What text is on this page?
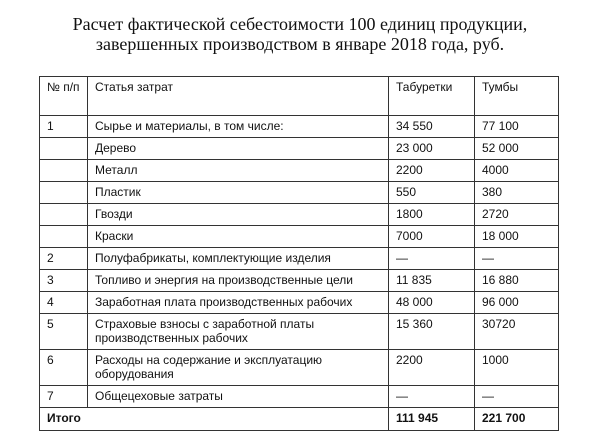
Расчет фактической себестоимости 100 единиц продукции,
завершенных производством в январе 2018 года, руб.
№ п/п	Статья затрат	Табуретки	Тумбы
1	Сырье и материалы, в том числе:	34 550	77 100
	Дерево	23 000	52 000
	Металл	2200	4000
	Пластик	550	380
	Гвозди	1800	2720
	Краски	7000	18 000
2	Полуфабрикаты, комплектующие изделия	—	—
3	Топливо и энергия на производственные цели	11 835	16 880
4	Заработная плата производственных рабочих	48 000	96 000
5	Страховые взносы с заработной платы производственных рабочих	15 360	30720
6	Расходы на содержание и эксплуатацию оборудования	2200	1000
7	Общецеховые затраты	—	—
Итого		111 945	221 700
